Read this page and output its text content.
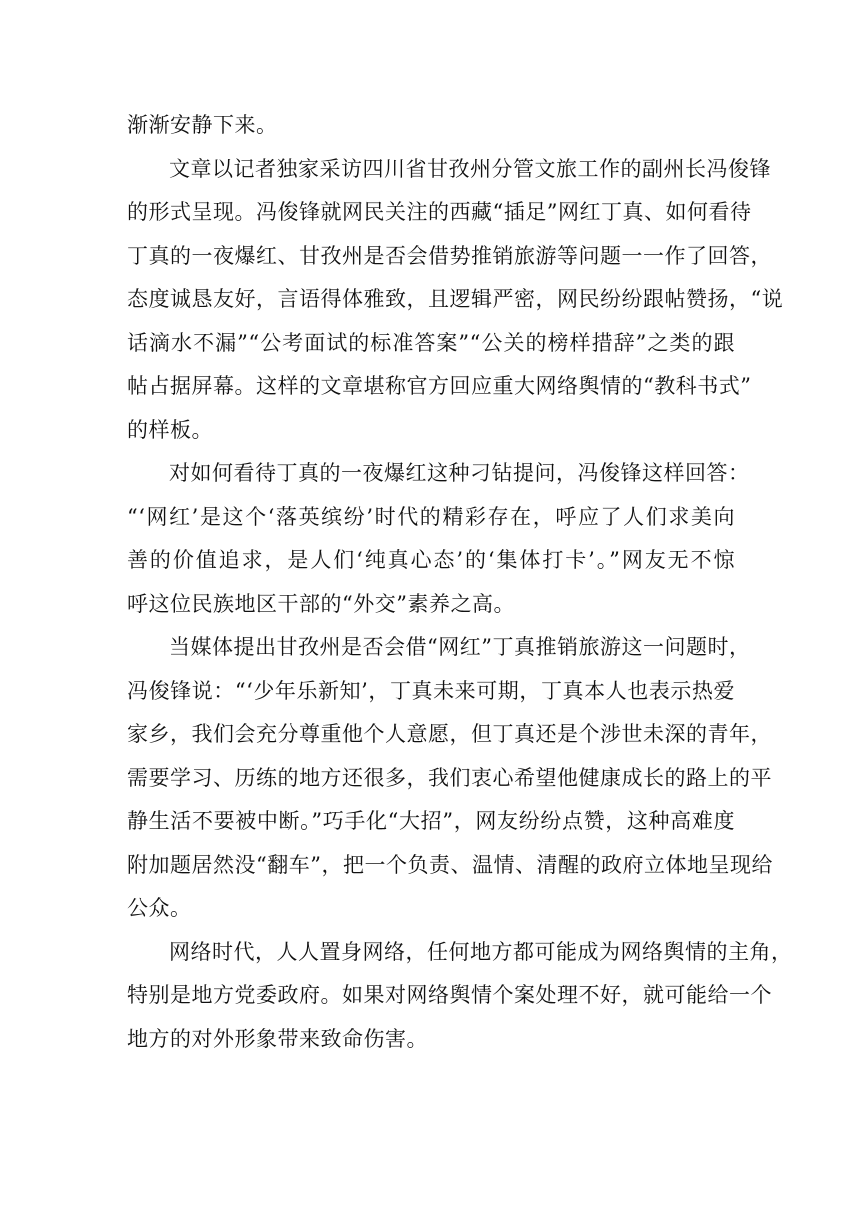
渐渐安静下来。

文章以记者独家采访四川省甘孜州分管文旅工作的副州长冯俊锋
的形式呈现。冯俊锋就网民关注的西藏“插足”网红丁真、如何看待
丁真的一夜爆红、甘孜州是否会借势推销旅游等问题一一作了回答，
态度诚恳友好，言语得体雅致，且逻辑严密，网民纷纷跟帖赞扬，“说
话滴水不漏”“公考面试的标准答案”“公关的榜样措辞”之类的跟
帖占据屏幕。这样的文章堪称官方回应重大网络舆情的“教科书式”
的样板。

对如何看待丁真的一夜爆红这种刁钻提问，冯俊锋这样回答：
“‘网红’是这个‘落英缤纷’时代的精彩存在，呼应了人们求美向
善的价值追求，是人们‘纯真心态’的‘集体打卡’。”网友无不惊
呼这位民族地区干部的“外交”素养之高。

当媒体提出甘孜州是否会借“网红”丁真推销旅游这一问题时，
冯俊锋说：“‘少年乐新知’，丁真未来可期，丁真本人也表示热爱
家乡，我们会充分尊重他个人意愿，但丁真还是个涉世未深的青年，
需要学习、历练的地方还很多，我们衷心希望他健康成长的路上的平
静生活不要被中断。”巧手化“大招”，网友纷纷点赞，这种高难度
附加题居然没“翻车”，把一个负责、温情、清醒的政府立体地呈现给
公众。

网络时代，人人置身网络，任何地方都可能成为网络舆情的主角，
特别是地方党委政府。如果对网络舆情个案处理不好，就可能给一个
地方的对外形象带来致命伤害。
